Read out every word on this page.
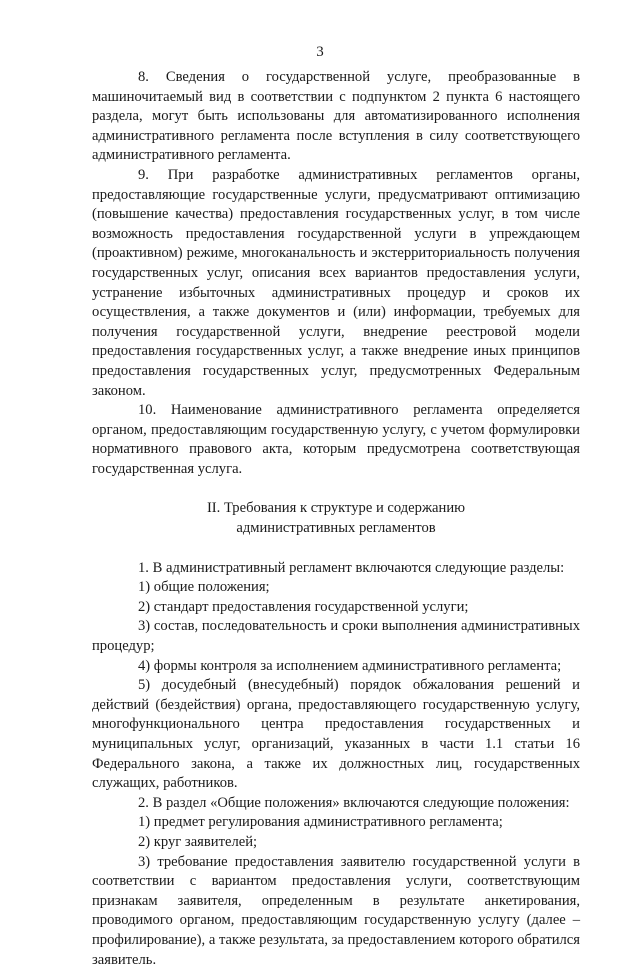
3

8. Сведения о государственной услуге, преобразованные в машиночитаемый вид в соответствии с подпунктом 2 пункта 6 настоящего раздела, могут быть использованы для автоматизированного исполнения административного регламента после вступления в силу соответствующего административного регламента.

9. При разработке административных регламентов органы, предоставляющие государственные услуги, предусматривают оптимизацию (повышение качества) предоставления государственных услуг, в том числе возможность предоставления государственной услуги в упреждающем (проактивном) режиме, многоканальность и экстерриториальность получения государственных услуг, описания всех вариантов предоставления услуги, устранение избыточных административных процедур и сроков их осуществления, а также документов и (или) информации, требуемых для получения государственной услуги, внедрение реестровой модели предоставления государственных услуг, а также внедрение иных принципов предоставления государственных услуг, предусмотренных Федеральным законом.

10. Наименование административного регламента определяется органом, предоставляющим государственную услугу, с учетом формулировки нормативного правового акта, которым предусмотрена соответствующая государственная услуга.

II. Требования к структуре и содержанию
административных регламентов

1. В административный регламент включаются следующие разделы:

1) общие положения;

2) стандарт предоставления государственной услуги;

3) состав, последовательность и сроки выполнения административных процедур;

4) формы контроля за исполнением административного регламента;

5) досудебный (внесудебный) порядок обжалования решений и действий (бездействия) органа, предоставляющего государственную услугу, многофункционального центра предоставления государственных и муниципальных услуг, организаций, указанных в части 1.1 статьи 16 Федерального закона, а также их должностных лиц, государственных служащих, работников.

2. В раздел «Общие положения» включаются следующие положения:

1) предмет регулирования административного регламента;

2) круг заявителей;

3) требование предоставления заявителю государственной услуги в соответствии с вариантом предоставления услуги, соответствующим признакам заявителя, определенным в результате анкетирования, проводимого органом, предоставляющим государственную услугу (далее – профилирование), а также результата, за предоставлением которого обратился заявитель.
